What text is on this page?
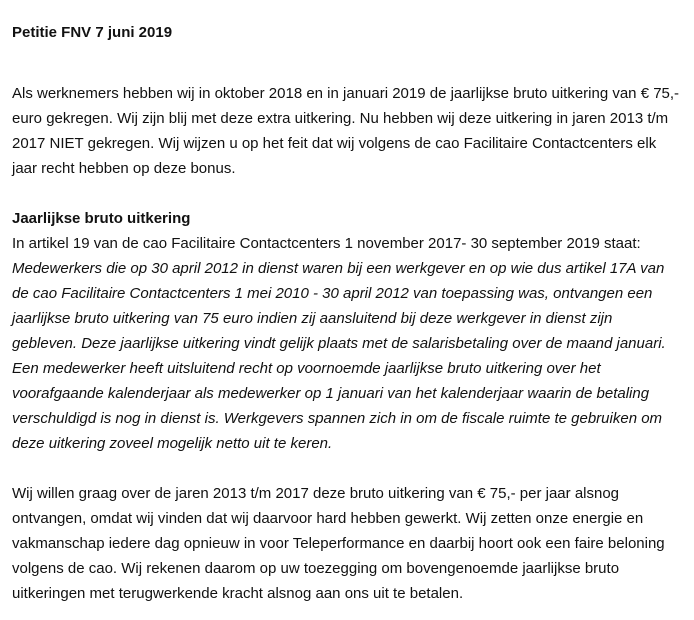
Petitie FNV 7 juni 2019

Als werknemers hebben wij in oktober 2018 en in januari 2019 de jaarlijkse bruto uitkering van € 75,- euro gekregen. Wij zijn blij met deze extra uitkering. Nu hebben wij deze uitkering in jaren 2013 t/m 2017 NIET gekregen. Wij wijzen u op het feit dat wij volgens de cao Facilitaire Contactcenters elk jaar recht hebben op deze bonus.

Jaarlijkse bruto uitkering

In artikel 19 van de cao Facilitaire Contactcenters 1 november 2017- 30 september 2019 staat:

Medewerkers die op 30 april 2012 in dienst waren bij een werkgever en op wie dus artikel 17A van de cao Facilitaire Contactcenters 1 mei 2010 - 30 april 2012 van toepassing was, ontvangen een jaarlijkse bruto uitkering van 75 euro indien zij aansluitend bij deze werkgever in dienst zijn gebleven. Deze jaarlijkse uitkering vindt gelijk plaats met de salarisbetaling over de maand januari. Een medewerker heeft uitsluitend recht op voornoemde jaarlijkse bruto uitkering over het voorafgaande kalenderjaar als medewerker op 1 januari van het kalenderjaar waarin de betaling verschuldigd is nog in dienst is. Werkgevers spannen zich in om de fiscale ruimte te gebruiken om deze uitkering zoveel mogelijk netto uit te keren.

Wij willen graag over de jaren 2013 t/m 2017 deze bruto uitkering van € 75,- per jaar alsnog ontvangen, omdat wij vinden dat wij daarvoor hard hebben gewerkt. Wij zetten onze energie en vakmanschap iedere dag opnieuw in voor Teleperformance en daarbij hoort ook een faire beloning volgens de cao. Wij rekenen daarom op uw toezegging om bovengenoemde jaarlijkse bruto uitkeringen met terugwerkende kracht alsnog aan ons uit te betalen.
